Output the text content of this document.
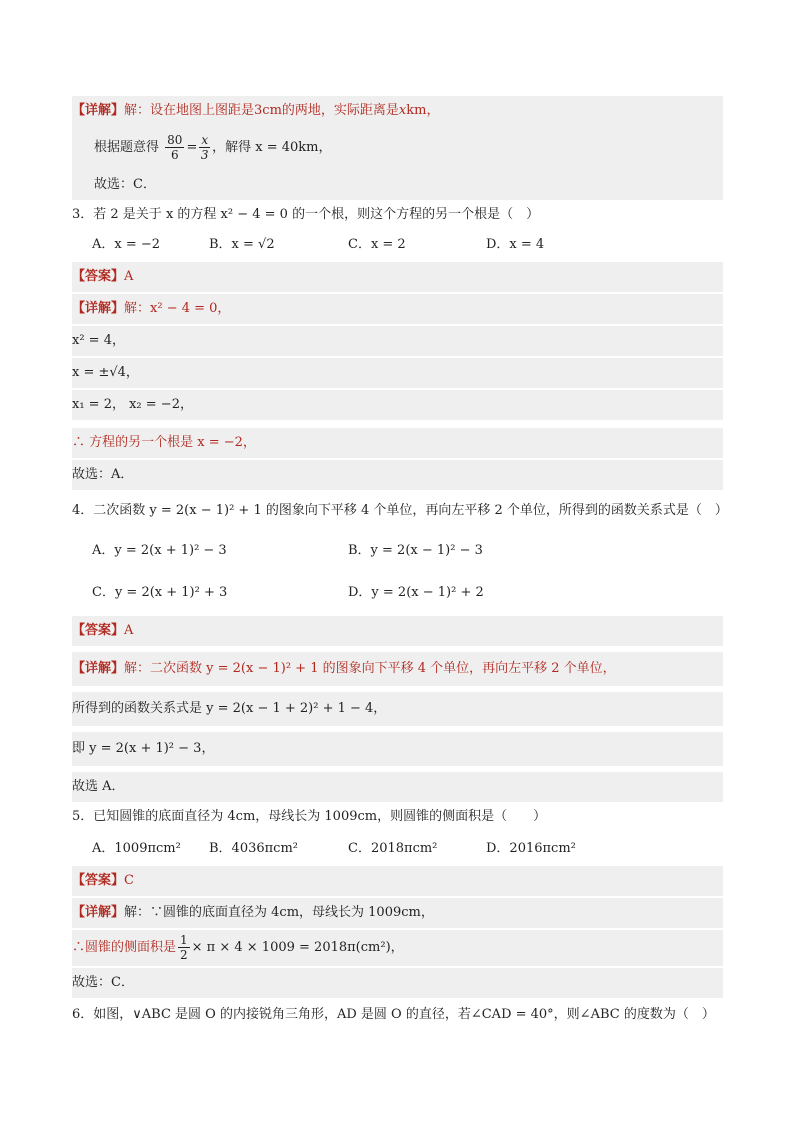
【详解】解：设在地图上图距是3cm的两地，实际距离是xkm，
根据题意得 $\frac{80}{6} = \frac{x}{3}$ ，解得 x = 40km，
故选：C．
3．若 2 是关于 x 的方程 x² − 4 = 0 的一个根，则这个方程的另一个根是（　）
A．x = −2	B．x = √2	C．x = 2	D．x = 4
【答案】A
【详解】解：x² − 4 = 0，
x² = 4，
x = ±√4，
x₁ = 2， x₂ = −2，
∴ 方程的另一个根是 x = −2，
故选：A．
4．二次函数 y = 2(x − 1)² + 1 的图象向下平移 4 个单位，再向左平移 2 个单位，所得到的函数关系式是（　）
A．y = 2(x + 1)² − 3	B．y = 2(x − 1)² − 3
C．y = 2(x + 1)² + 3	D．y = 2(x − 1)² + 2
【答案】A
【详解】解：二次函数 y = 2(x − 1)² + 1 的图象向下平移 4 个单位，再向左平移 2 个单位，
所得到的函数关系式是 y = 2(x − 1 + 2)² + 1 − 4，
即 y = 2(x + 1)² − 3，
故选 A．
5．已知圆锥的底面直径为 4cm，母线长为 1009cm，则圆锥的侧面积是（　　）
A．1009πcm² B．4036πcm²	C．2018πcm²	D．2016πcm²
【答案】C
【详解】解：∵圆锥的底面直径为 4cm，母线长为 1009cm，
∴圆锥的侧面积是 $\frac{1}{2} \times \pi \times 4 \times 1009 = 2018\pi(cm^2)$，
故选：C．
6．如图，∨ABC 是圆 O 的内接锐角三角形，AD 是圆 O 的直径，若∠CAD = 40°，则∠ABC 的度数为（　）
